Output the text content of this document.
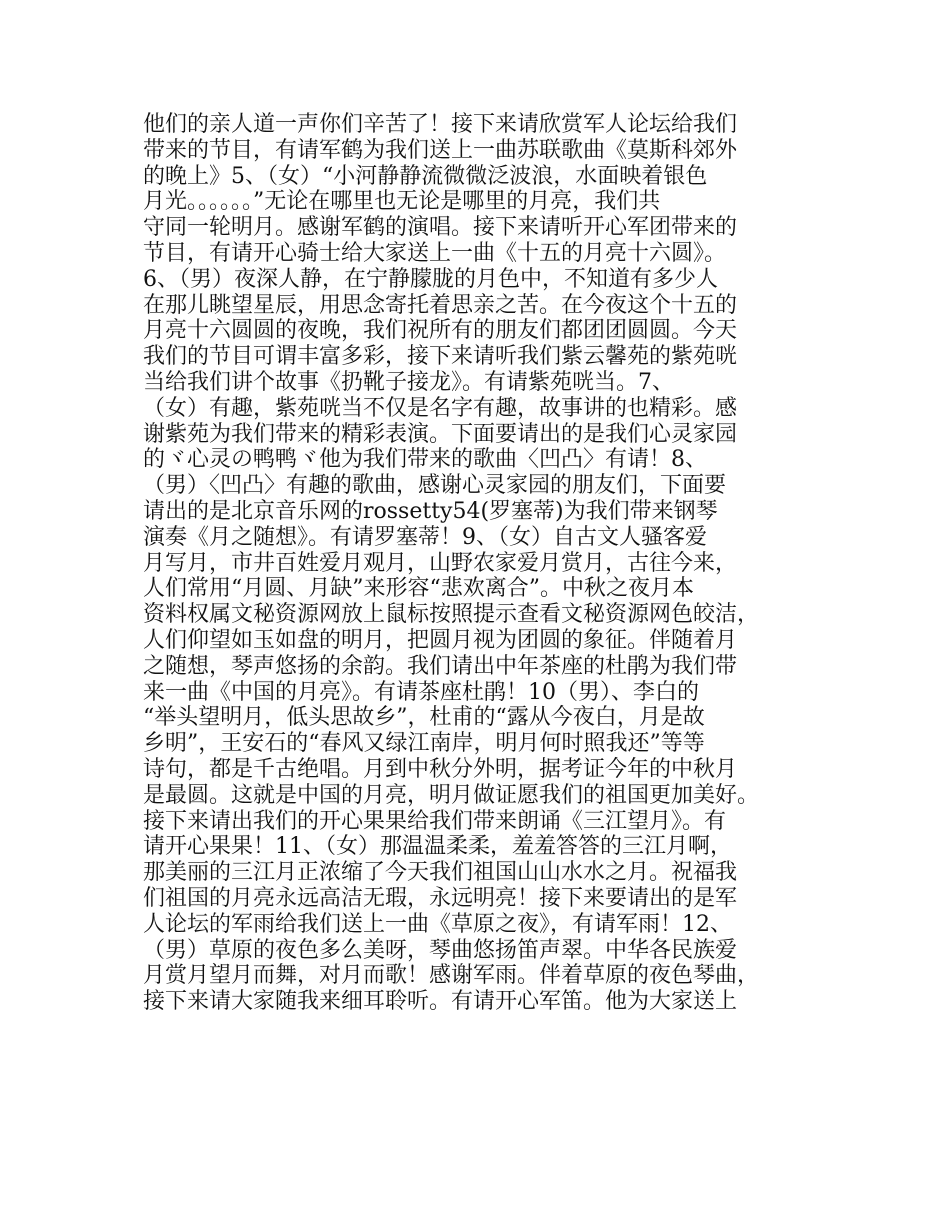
他们的亲人道一声你们辛苦了！接下来请欣赏军人论坛给我们
带来的节目，有请军鹤为我们送上一曲苏联歌曲《莫斯科郊外
的晚上》5、（女）“小河静静流微微泛波浪，水面映着银色
月光。。。。。。”无论在哪里也无论是哪里的月亮，我们共
守同一轮明月。感谢军鹤的演唱。接下来请听开心军团带来的
节目，有请开心骑士给大家送上一曲《十五的月亮十六圆》。
6、（男）夜深人静，在宁静朦胧的月色中，不知道有多少人
在那儿眺望星辰，用思念寄托着思亲之苦。在今夜这个十五的
月亮十六圆圆的夜晚，我们祝所有的朋友们都团团圆圆。今天
我们的节目可谓丰富多彩，接下来请听我们紫云馨苑的紫苑咣
当给我们讲个故事《扔靴子接龙》。有请紫苑咣当。7、
（女）有趣，紫苑咣当不仅是名字有趣，故事讲的也精彩。感
谢紫苑为我们带来的精彩表演。下面要请出的是我们心灵家园
的ヾ心灵の鸭鸭ヾ他为我们带来的歌曲〈凹凸〉有请！8、
（男）〈凹凸〉有趣的歌曲，感谢心灵家园的朋友们，下面要
请出的是北京音乐网的rossetty54(罗塞蒂)为我们带来钢琴
演奏《月之随想》。有请罗塞蒂！9、（女）自古文人骚客爱
月写月，市井百姓爱月观月，山野农家爱月赏月，古往今来，
人们常用“月圆、月缺”来形容“悲欢离合”。中秋之夜月本
资料权属文秘资源网放上鼠标按照提示查看文秘资源网色皎洁，
人们仰望如玉如盘的明月，把圆月视为团圆的象征。伴随着月
之随想，琴声悠扬的余韵。我们请出中年茶座的杜鹃为我们带
来一曲《中国的月亮》。有请茶座杜鹃！10（男）、李白的
“举头望明月，低头思故乡”，杜甫的“露从今夜白，月是故
乡明”，王安石的“春风又绿江南岸，明月何时照我还”等等
诗句，都是千古绝唱。月到中秋分外明，据考证今年的中秋月
是最圆。这就是中国的月亮，明月做证愿我们的祖国更加美好。
接下来请出我们的开心果果给我们带来朗诵《三江望月》。有
请开心果果！11、（女）那温温柔柔，羞羞答答的三江月啊，
那美丽的三江月正浓缩了今天我们祖国山山水水之月。祝福我
们祖国的月亮永远高洁无瑕，永远明亮！接下来要请出的是军
人论坛的军雨给我们送上一曲《草原之夜》，有请军雨！12、
（男）草原的夜色多么美呀，琴曲悠扬笛声翠。中华各民族爱
月赏月望月而舞，对月而歌！感谢军雨。伴着草原的夜色琴曲，
接下来请大家随我来细耳聆听。有请开心军笛。他为大家送上
